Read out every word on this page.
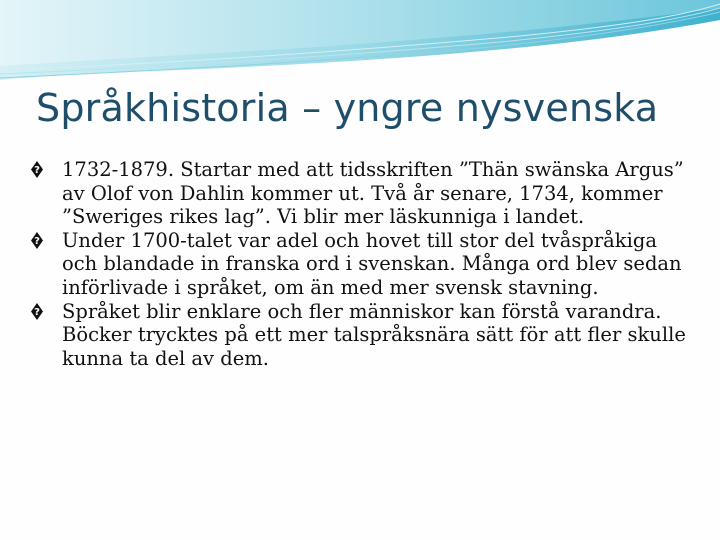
Språkhistoria – yngre nysvenska
? 1732-1879. Startar med att tidsskriften ”Thän swänska Argus” av Olof von Dahlin kommer ut. Två år senare, 1734, kommer ”Sweriges rikes lag”. Vi blir mer läskunniga i landet.
? Under 1700-talet var adel och hovet till stor del tvåspråkiga och blandade in franska ord i svenskan. Många ord blev sedan införlivade i språket, om än med mer svensk stavning.
? Språket blir enklare och fler människor kan förstå varandra. Böcker trycktes på ett mer talspråksnära sätt för att fler skulle kunna ta del av dem.
